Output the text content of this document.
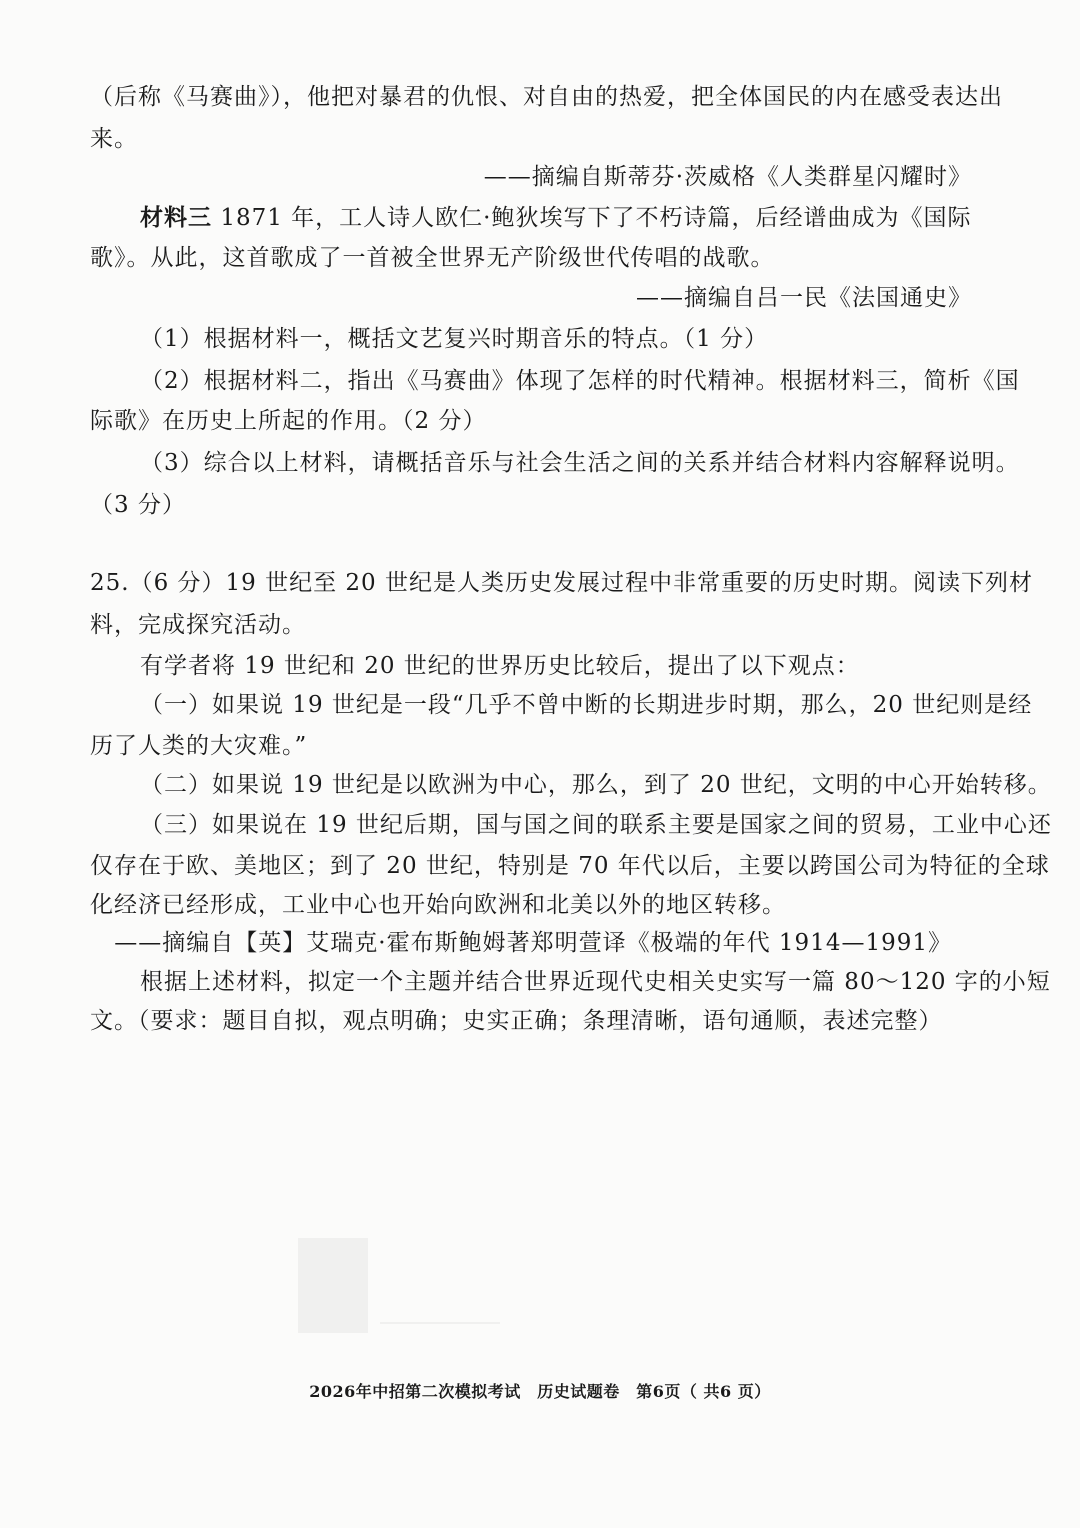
（后称《马赛曲》），他把对暴君的仇恨、对自由的热爱，把全体国民的内在感受表达出
来。
——摘编自斯蒂芬·茨威格《人类群星闪耀时》
材料三 1871 年，工人诗人欧仁·鲍狄埃写下了不朽诗篇，后经谱曲成为《国际
歌》。从此，这首歌成了一首被全世界无产阶级世代传唱的战歌。
——摘编自吕一民《法国通史》
（1）根据材料一，概括文艺复兴时期音乐的特点。（1 分）
（2）根据材料二，指出《马赛曲》体现了怎样的时代精神。根据材料三，简析《国
际歌》在历史上所起的作用。（2 分）
（3）综合以上材料，请概括音乐与社会生活之间的关系并结合材料内容解释说明。
（3 分）
25.（6 分）19 世纪至 20 世纪是人类历史发展过程中非常重要的历史时期。阅读下列材
料，完成探究活动。
有学者将 19 世纪和 20 世纪的世界历史比较后，提出了以下观点：
（一）如果说 19 世纪是一段“几乎不曾中断的长期进步时期，那么，20 世纪则是经
历了人类的大灾难。”
（二）如果说 19 世纪是以欧洲为中心，那么，到了 20 世纪，文明的中心开始转移。
（三）如果说在 19 世纪后期，国与国之间的联系主要是国家之间的贸易，工业中心还
仅存在于欧、美地区；到了 20 世纪，特别是 70 年代以后，主要以跨国公司为特征的全球
化经济已经形成，工业中心也开始向欧洲和北美以外的地区转移。
——摘编自【英】艾瑞克·霍布斯鲍姆著郑明萱译《极端的年代 1914—1991》
根据上述材料，拟定一个主题并结合世界近现代史相关史实写一篇 80～120 字的小短
文。（要求：题目自拟，观点明确；史实正确；条理清晰，语句通顺，表述完整）
2026年中招第二次模拟考试　历史试题卷　第6页（ 共6 页）
